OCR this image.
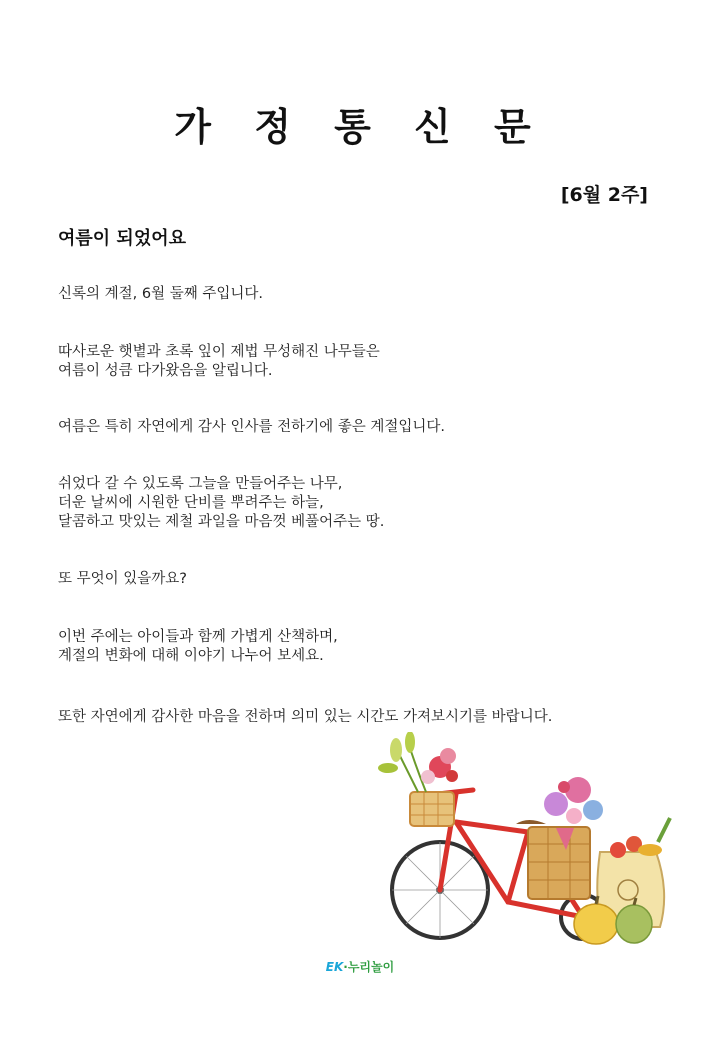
가 정 통 신 문
[6월 2주]
여름이 되었어요
신록의 계절, 6월 둘째 주입니다.
따사로운 햇볕과 초록 잎이 제법 무성해진 나무들은
여름이 성큼 다가왔음을 알립니다.
여름은 특히 자연에게 감사 인사를 전하기에 좋은 계절입니다.
쉬었다 갈 수 있도록 그늘을 만들어주는 나무,
더운 날씨에 시원한 단비를 뿌려주는 하늘,
달콤하고 맛있는 제철 과일을 마음껏 베풀어주는 땅.
또 무엇이 있을까요?
이번 주에는 아이들과 함께 가볍게 산책하며,
계절의 변화에 대해 이야기 나누어 보세요.
또한 자연에게 감사한 마음을 전하며 의미 있는 시간도 가져보시기를 바랍니다.
EK·누리놀이
